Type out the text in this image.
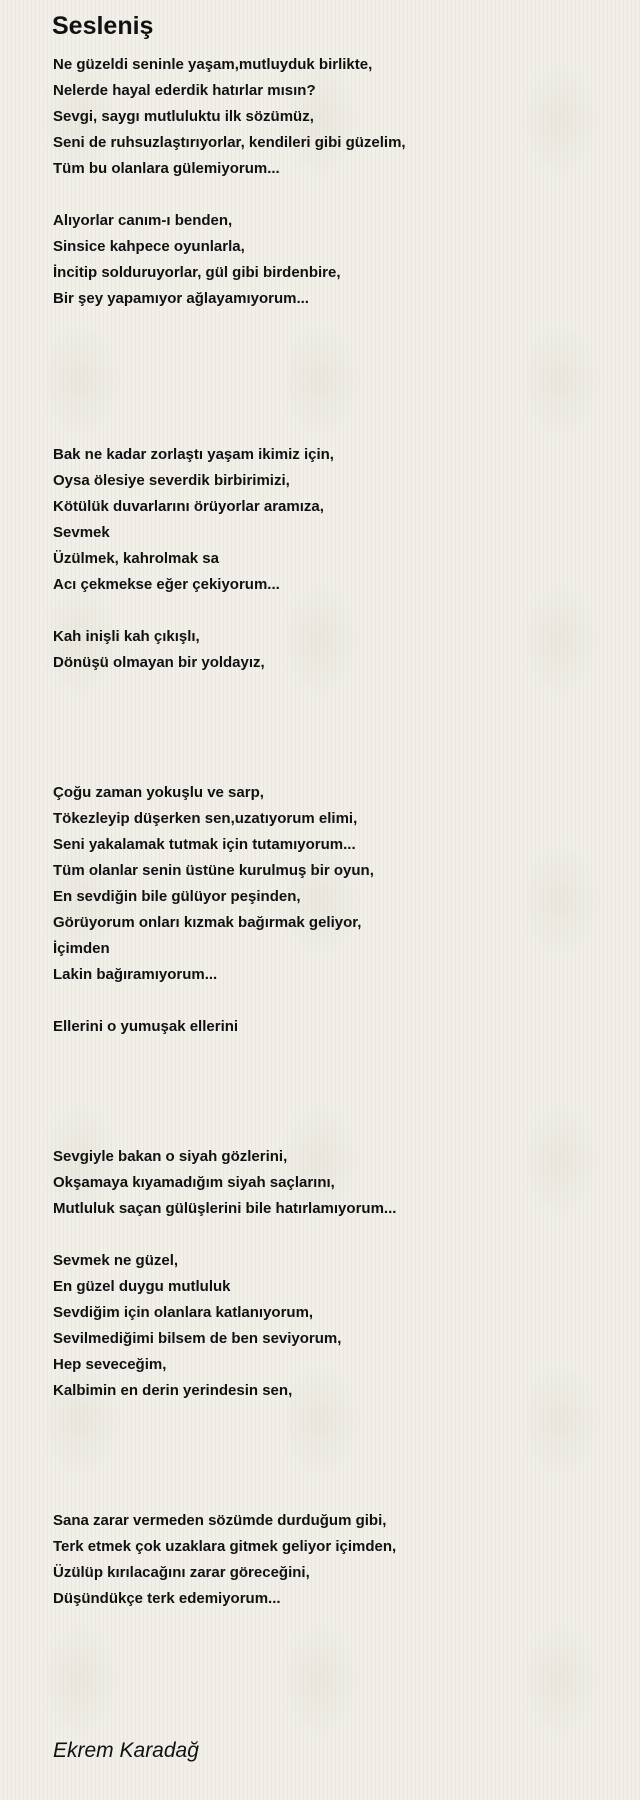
Sesleniş
Ne güzeldi seninle yaşam,mutluyduk birlikte,
Nelerde hayal ederdik hatırlar mısın?
Sevgi, saygı mutluluktu ilk sözümüz,
Seni de ruhsuzlaştırıyorlar, kendileri gibi güzelim,
Tüm bu olanlara gülemiyorum...
Alıyorlar canım-ı benden,
Sinsice kahpece oyunlarla,
İncitip solduruyorlar, gül gibi birdenbire,
Bir şey yapamıyor ağlayamıyorum...
Bak ne kadar zorlaştı yaşam ikimiz için,
Oysa ölesiye severdik birbirimizi,
Kötülük duvarlarını örüyorlar aramıza,
Sevmek
Üzülmek, kahrolmak sa
Acı çekmekse eğer çekiyorum...
Kah inişli kah çıkışlı,
Dönüşü olmayan bir yoldayız,
Çoğu zaman yokuşlu ve sarp,
Tökezleyip düşerken sen,uzatıyorum elimi,
Seni yakalamak tutmak için tutamıyorum...
Tüm olanlar senin üstüne kurulmuş bir oyun,
En sevdiğin bile gülüyor peşinden,
Görüyorum onları kızmak bağırmak geliyor,
İçimden
Lakin bağıramıyorum...
Ellerini o yumuşak ellerini
Sevgiyle bakan o siyah gözlerini,
Okşamaya kıyamadığım siyah saçlarını,
Mutluluk saçan gülüşlerini bile hatırlamıyorum...
Sevmek ne güzel,
En güzel duygu mutluluk
Sevdiğim için olanlara katlanıyorum,
Sevilmediğimi bilsem de ben seviyorum,
Hep seveceğim,
Kalbimin en derin yerindesin sen,
Sana zarar vermeden sözümde durduğum gibi,
Terk etmek çok uzaklara gitmek geliyor içimden,
Üzülüp kırılacağını zarar göreceğini,
Düşündükçe terk edemiyorum...
Ekrem Karadağ
